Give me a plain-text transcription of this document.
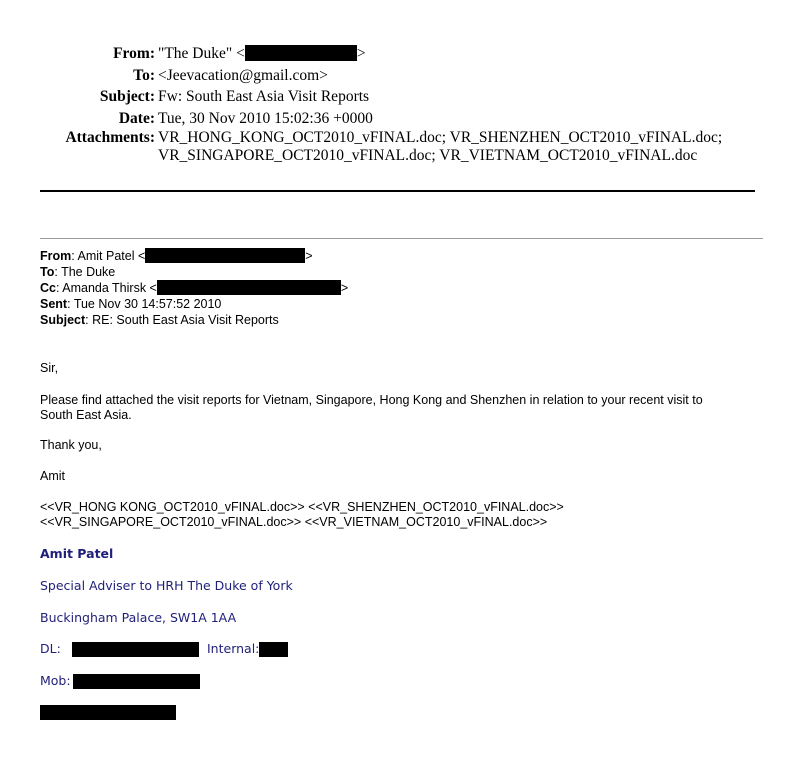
From: "The Duke" <	>
To: <Jeevacation@gmail.com>
Subject: Fw: South East Asia Visit Reports
Date: Tue, 30 Nov 2010 15:02:36 +0000
Attachments: VR_HONG_KONG_OCT2010_vFINAL.doc; VR_SHENZHEN_OCT2010_vFINAL.doc;
VR_SINGAPORE_OCT2010_vFINAL.doc; VR_VIETNAM_OCT2010_vFINAL.doc
From: Amit Patel <	>
To: The Duke
Cc: Amanda Thirsk <	>
Sent: Tue Nov 30 14:57:52 2010
Subject: RE: South East Asia Visit Reports
Sir,
Please find attached the visit reports for Vietnam, Singapore, Hong Kong and Shenzhen in relation to your recent visit to
South East Asia.
Thank you,
Amit
<<VR_HONG KONG_OCT2010_vFINAL.doc>> <<VR_SHENZHEN_OCT2010_vFINAL.doc>>
<<VR_SINGAPORE_OCT2010_vFINAL.doc>> <<VR_VIETNAM_OCT2010_vFINAL.doc>>
Amit Patel
Special Adviser to HRH The Duke of York
Buckingham Palace, SW1A 1AA
DL:	Internal:
Mob:
